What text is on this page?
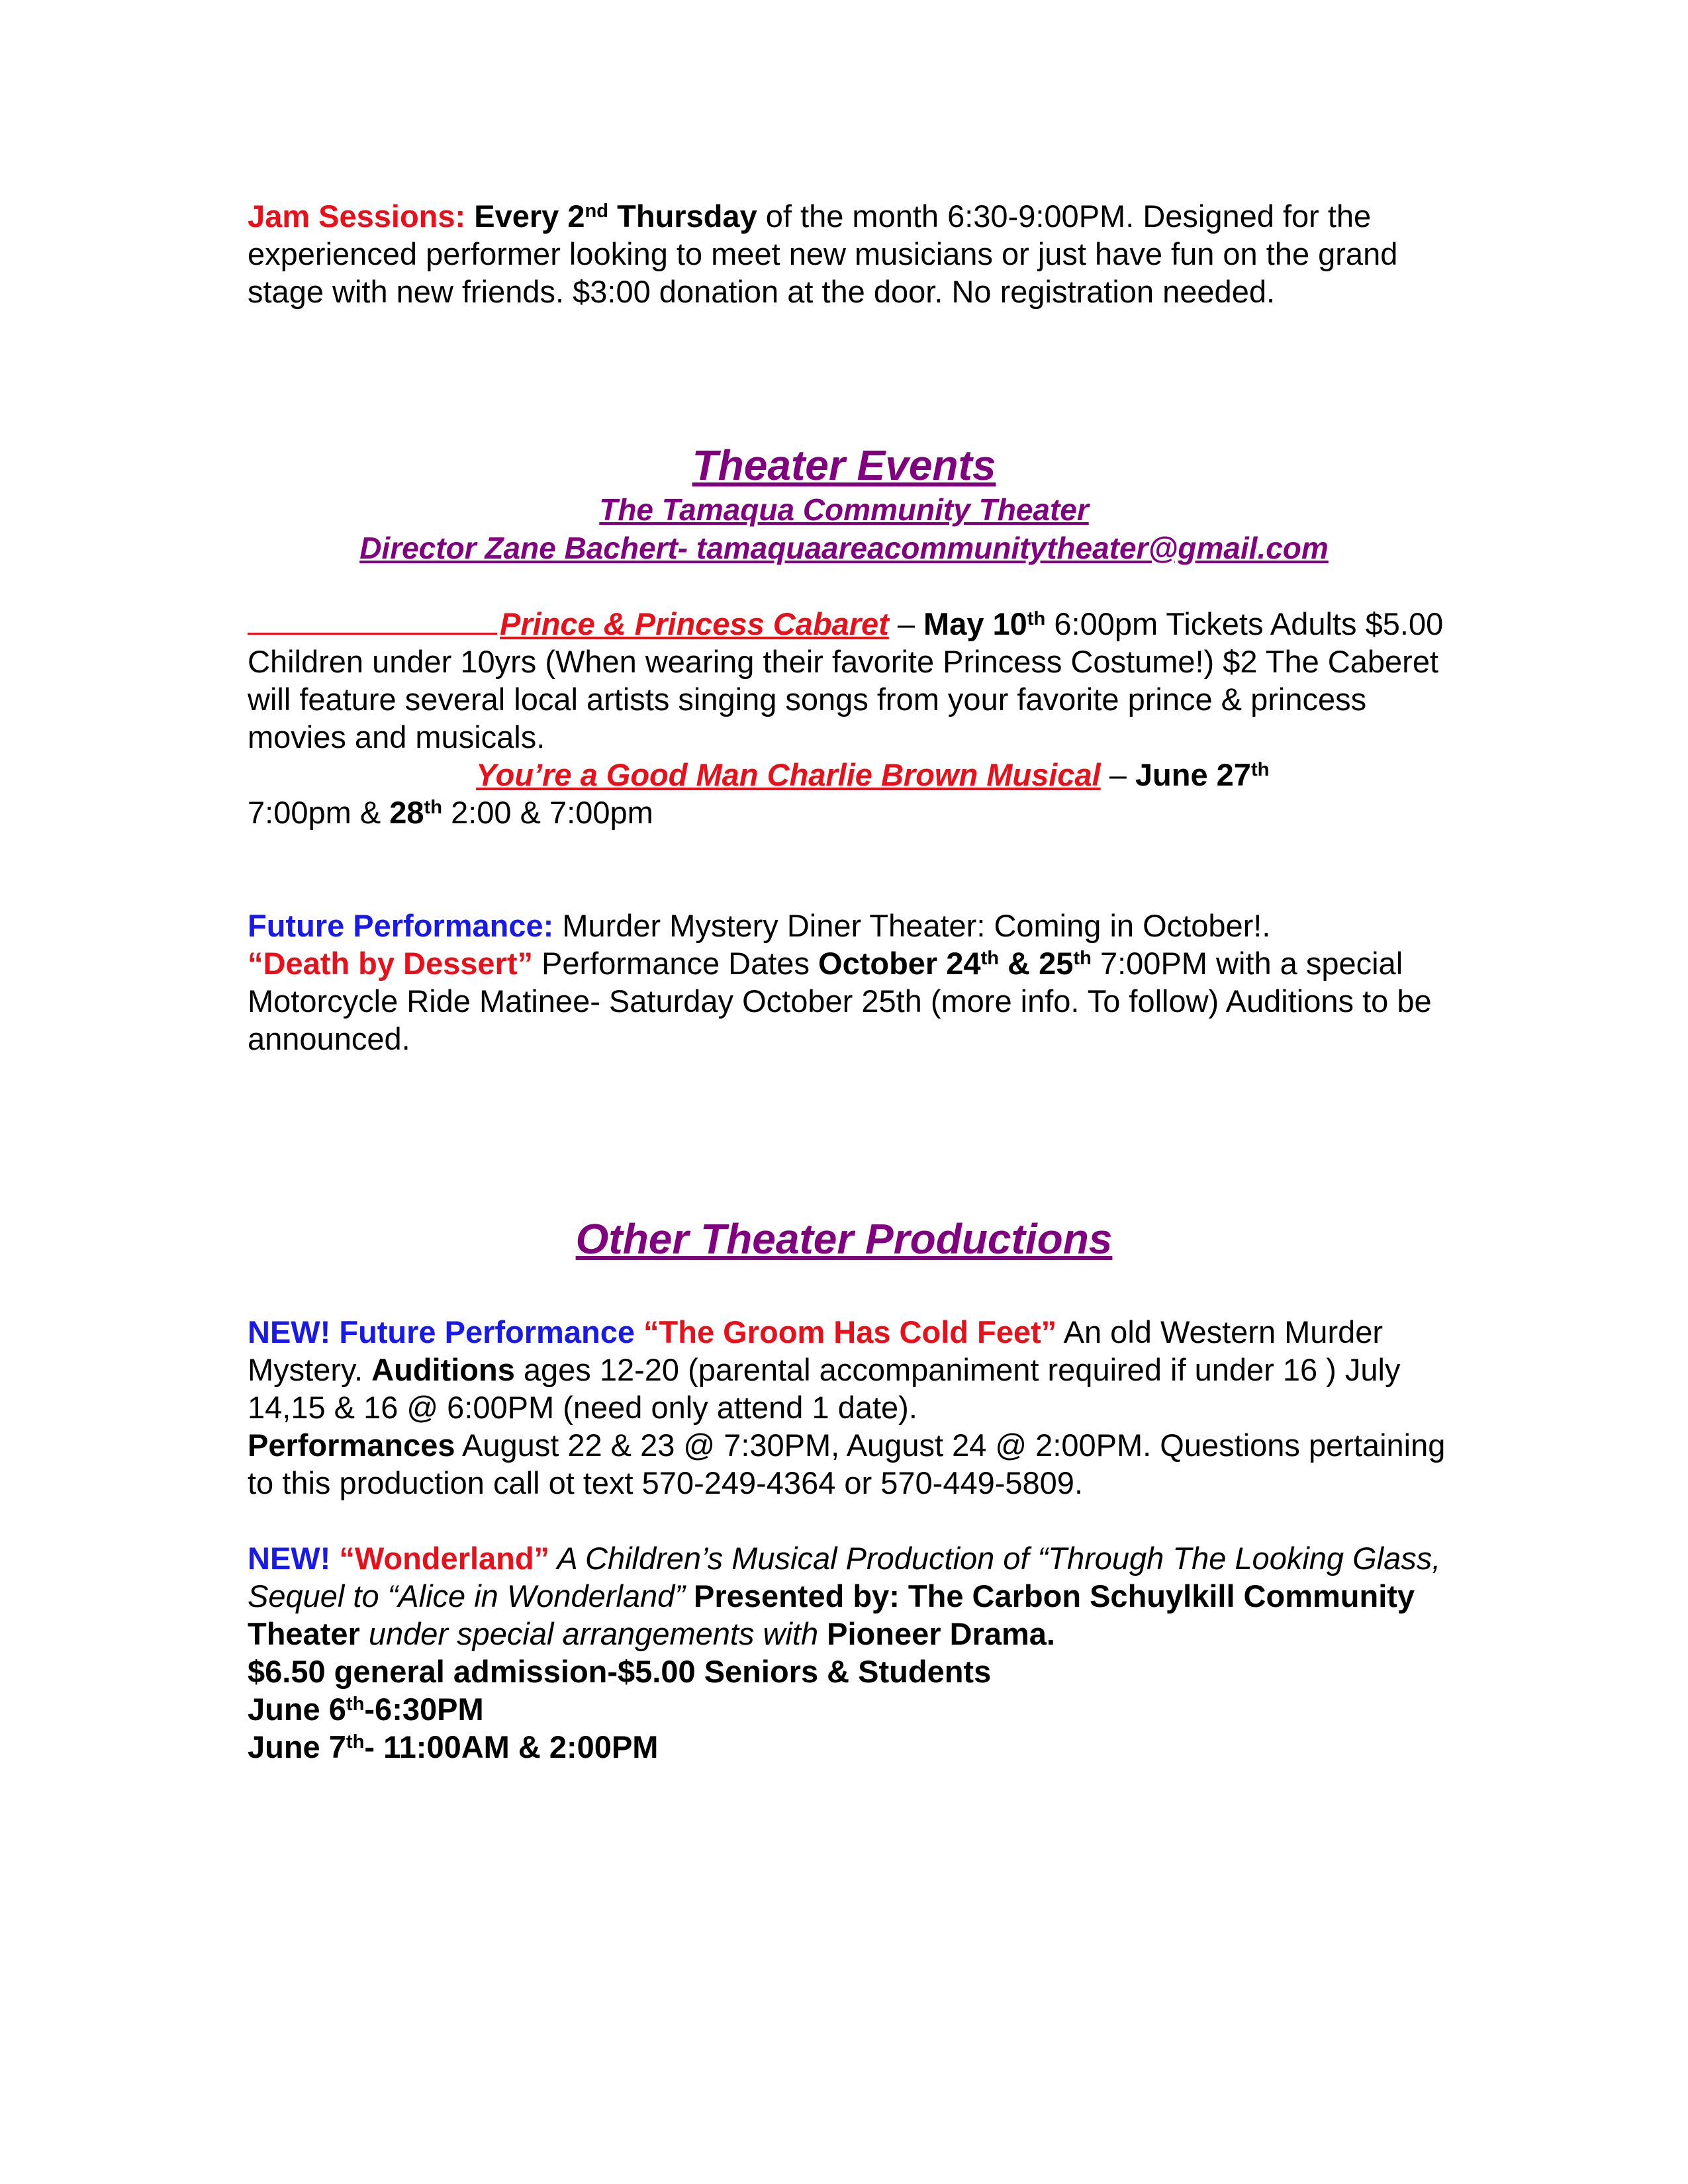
Jam Sessions: Every 2nd Thursday of the month 6:30-9:00PM. Designed for the experienced performer looking to meet new musicians or just have fun on the grand stage with new friends. $3:00 donation at the door. No registration needed.
Theater Events
The Tamaqua Community Theater
Director Zane Bachert- tamaquaareacommunitytheater@gmail.com
Prince & Princess Cabaret – May 10th 6:00pm Tickets Adults $5.00 Children under 10yrs (When wearing their favorite Princess Costume!) $2 The Caberet will feature several local artists singing songs from your favorite prince & princess movies and musicals.
You’re a Good Man Charlie Brown Musical – June 27th
7:00pm & 28th 2:00 & 7:00pm
Future Performance: Murder Mystery Diner Theater: Coming in October!.
“Death by Dessert” Performance Dates October 24th & 25th 7:00PM with a special Motorcycle Ride Matinee- Saturday October 25th (more info. To follow) Auditions to be announced.
Other Theater Productions
NEW! Future Performance “The Groom Has Cold Feet” An old Western Murder Mystery. Auditions ages 12-20 (parental accompaniment required if under 16 ) July 14,15 & 16 @ 6:00PM (need only attend 1 date).
Performances August 22 & 23 @ 7:30PM, August 24 @ 2:00PM. Questions pertaining to this production call ot text 570-249-4364 or 570-449-5809.
NEW! “Wonderland” A Children’s Musical Production of “Through The Looking Glass, Sequel to “Alice in Wonderland” Presented by: The Carbon Schuylkill Community Theater under special arrangements with Pioneer Drama.
$6.50 general admission-$5.00 Seniors & Students
June 6th-6:30PM
June 7th- 11:00AM & 2:00PM
